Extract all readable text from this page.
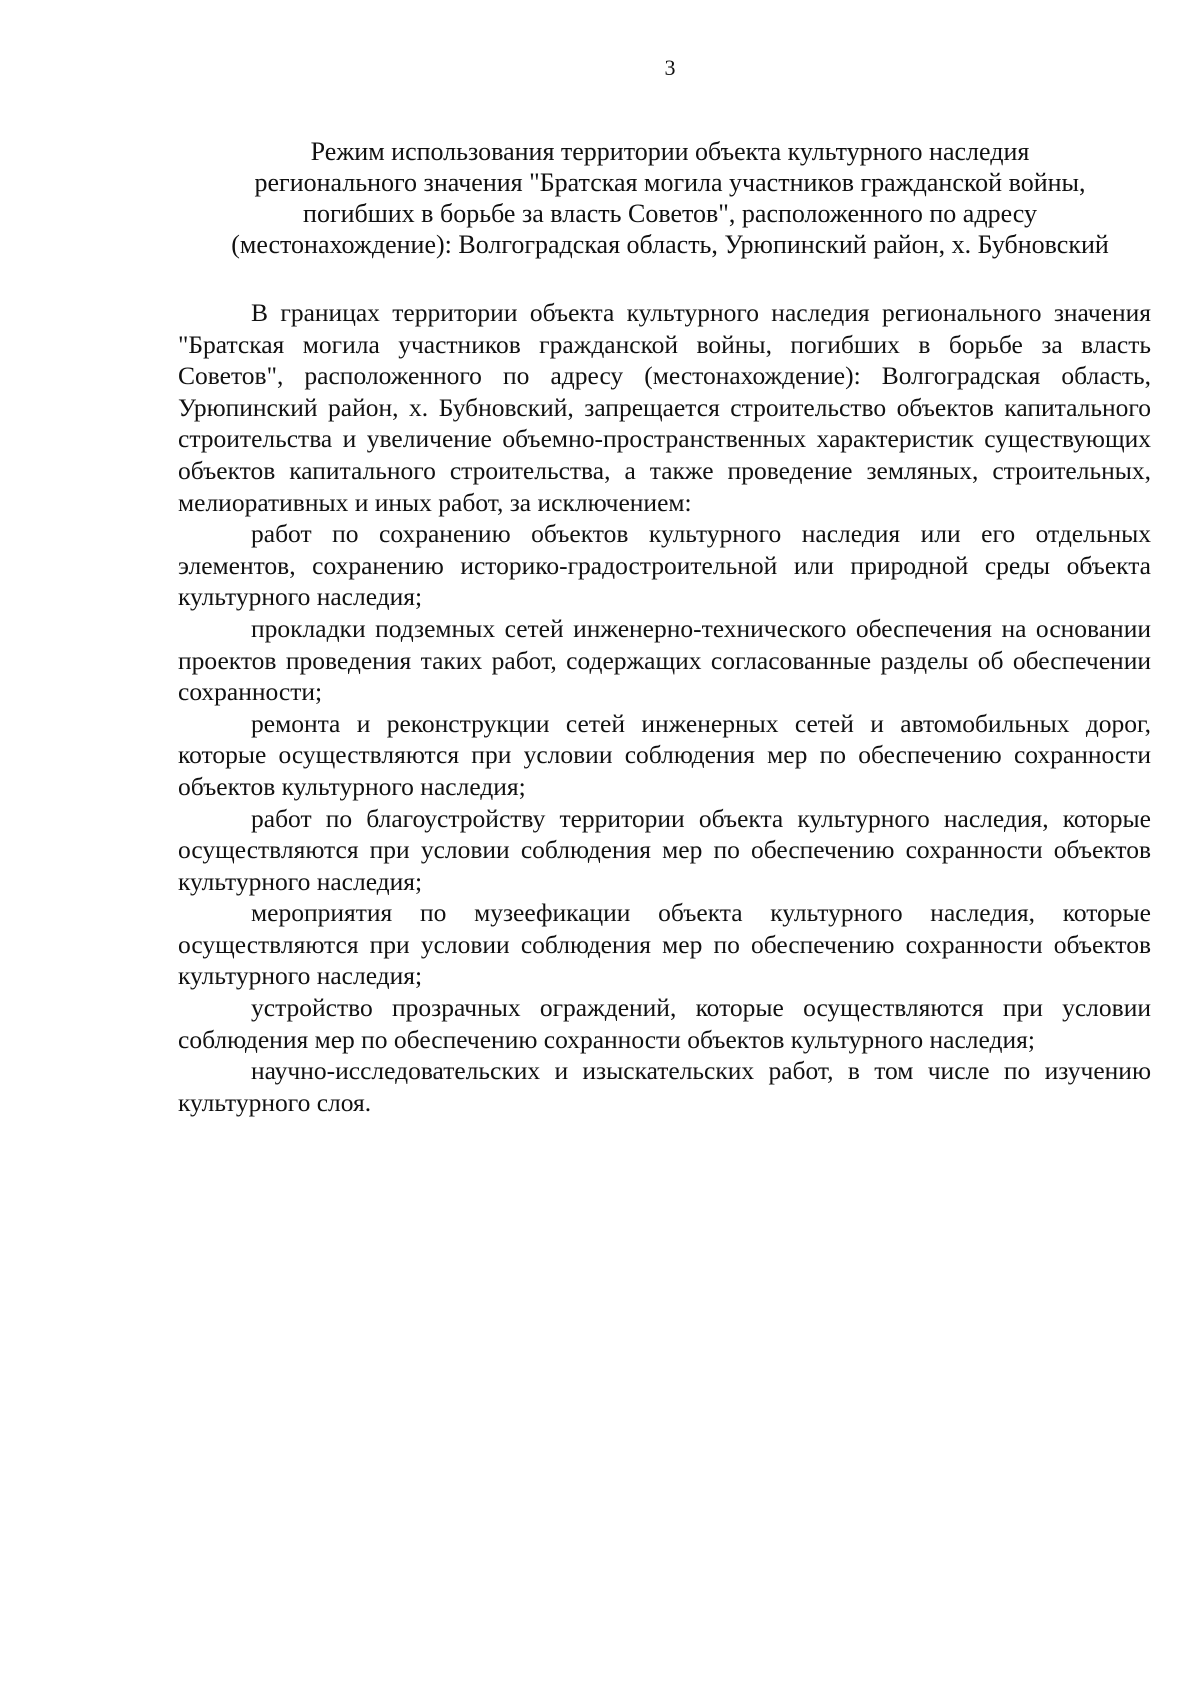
3
Режим использования территории объекта культурного наследия
регионального значения "Братская могила участников гражданской войны,
погибших в борьбе за власть Советов", расположенного по адресу
(местонахождение): Волгоградская область, Урюпинский район, х. Бубновский

В границах территории объекта культурного наследия регионального значения "Братская могила участников гражданской войны, погибших в борьбе за власть Советов", расположенного по адресу (местонахождение): Волгоградская область, Урюпинский район, х. Бубновский, запрещается строительство объектов капитального строительства и увеличение объемно-пространственных характеристик существующих объектов капитального строительства, а также проведение земляных, строительных, мелиоративных и иных работ, за исключением:

работ по сохранению объектов культурного наследия или его отдельных элементов, сохранению историко-градостроительной или природной среды объекта культурного наследия;

прокладки подземных сетей инженерно-технического обеспечения на основании проектов проведения таких работ, содержащих согласованные разделы об обеспечении сохранности;

ремонта и реконструкции сетей инженерных сетей и автомобильных дорог, которые осуществляются при условии соблюдения мер по обеспечению сохранности объектов культурного наследия;

работ по благоустройству территории объекта культурного наследия, которые осуществляются при условии соблюдения мер по обеспечению сохранности объектов культурного наследия;

мероприятия по музеефикации объекта культурного наследия, которые осуществляются при условии соблюдения мер по обеспечению сохранности объектов культурного наследия;

устройство прозрачных ограждений, которые осуществляются при условии соблюдения мер по обеспечению сохранности объектов культурного наследия;

научно-исследовательских и изыскательских работ, в том числе по изучению культурного слоя.
